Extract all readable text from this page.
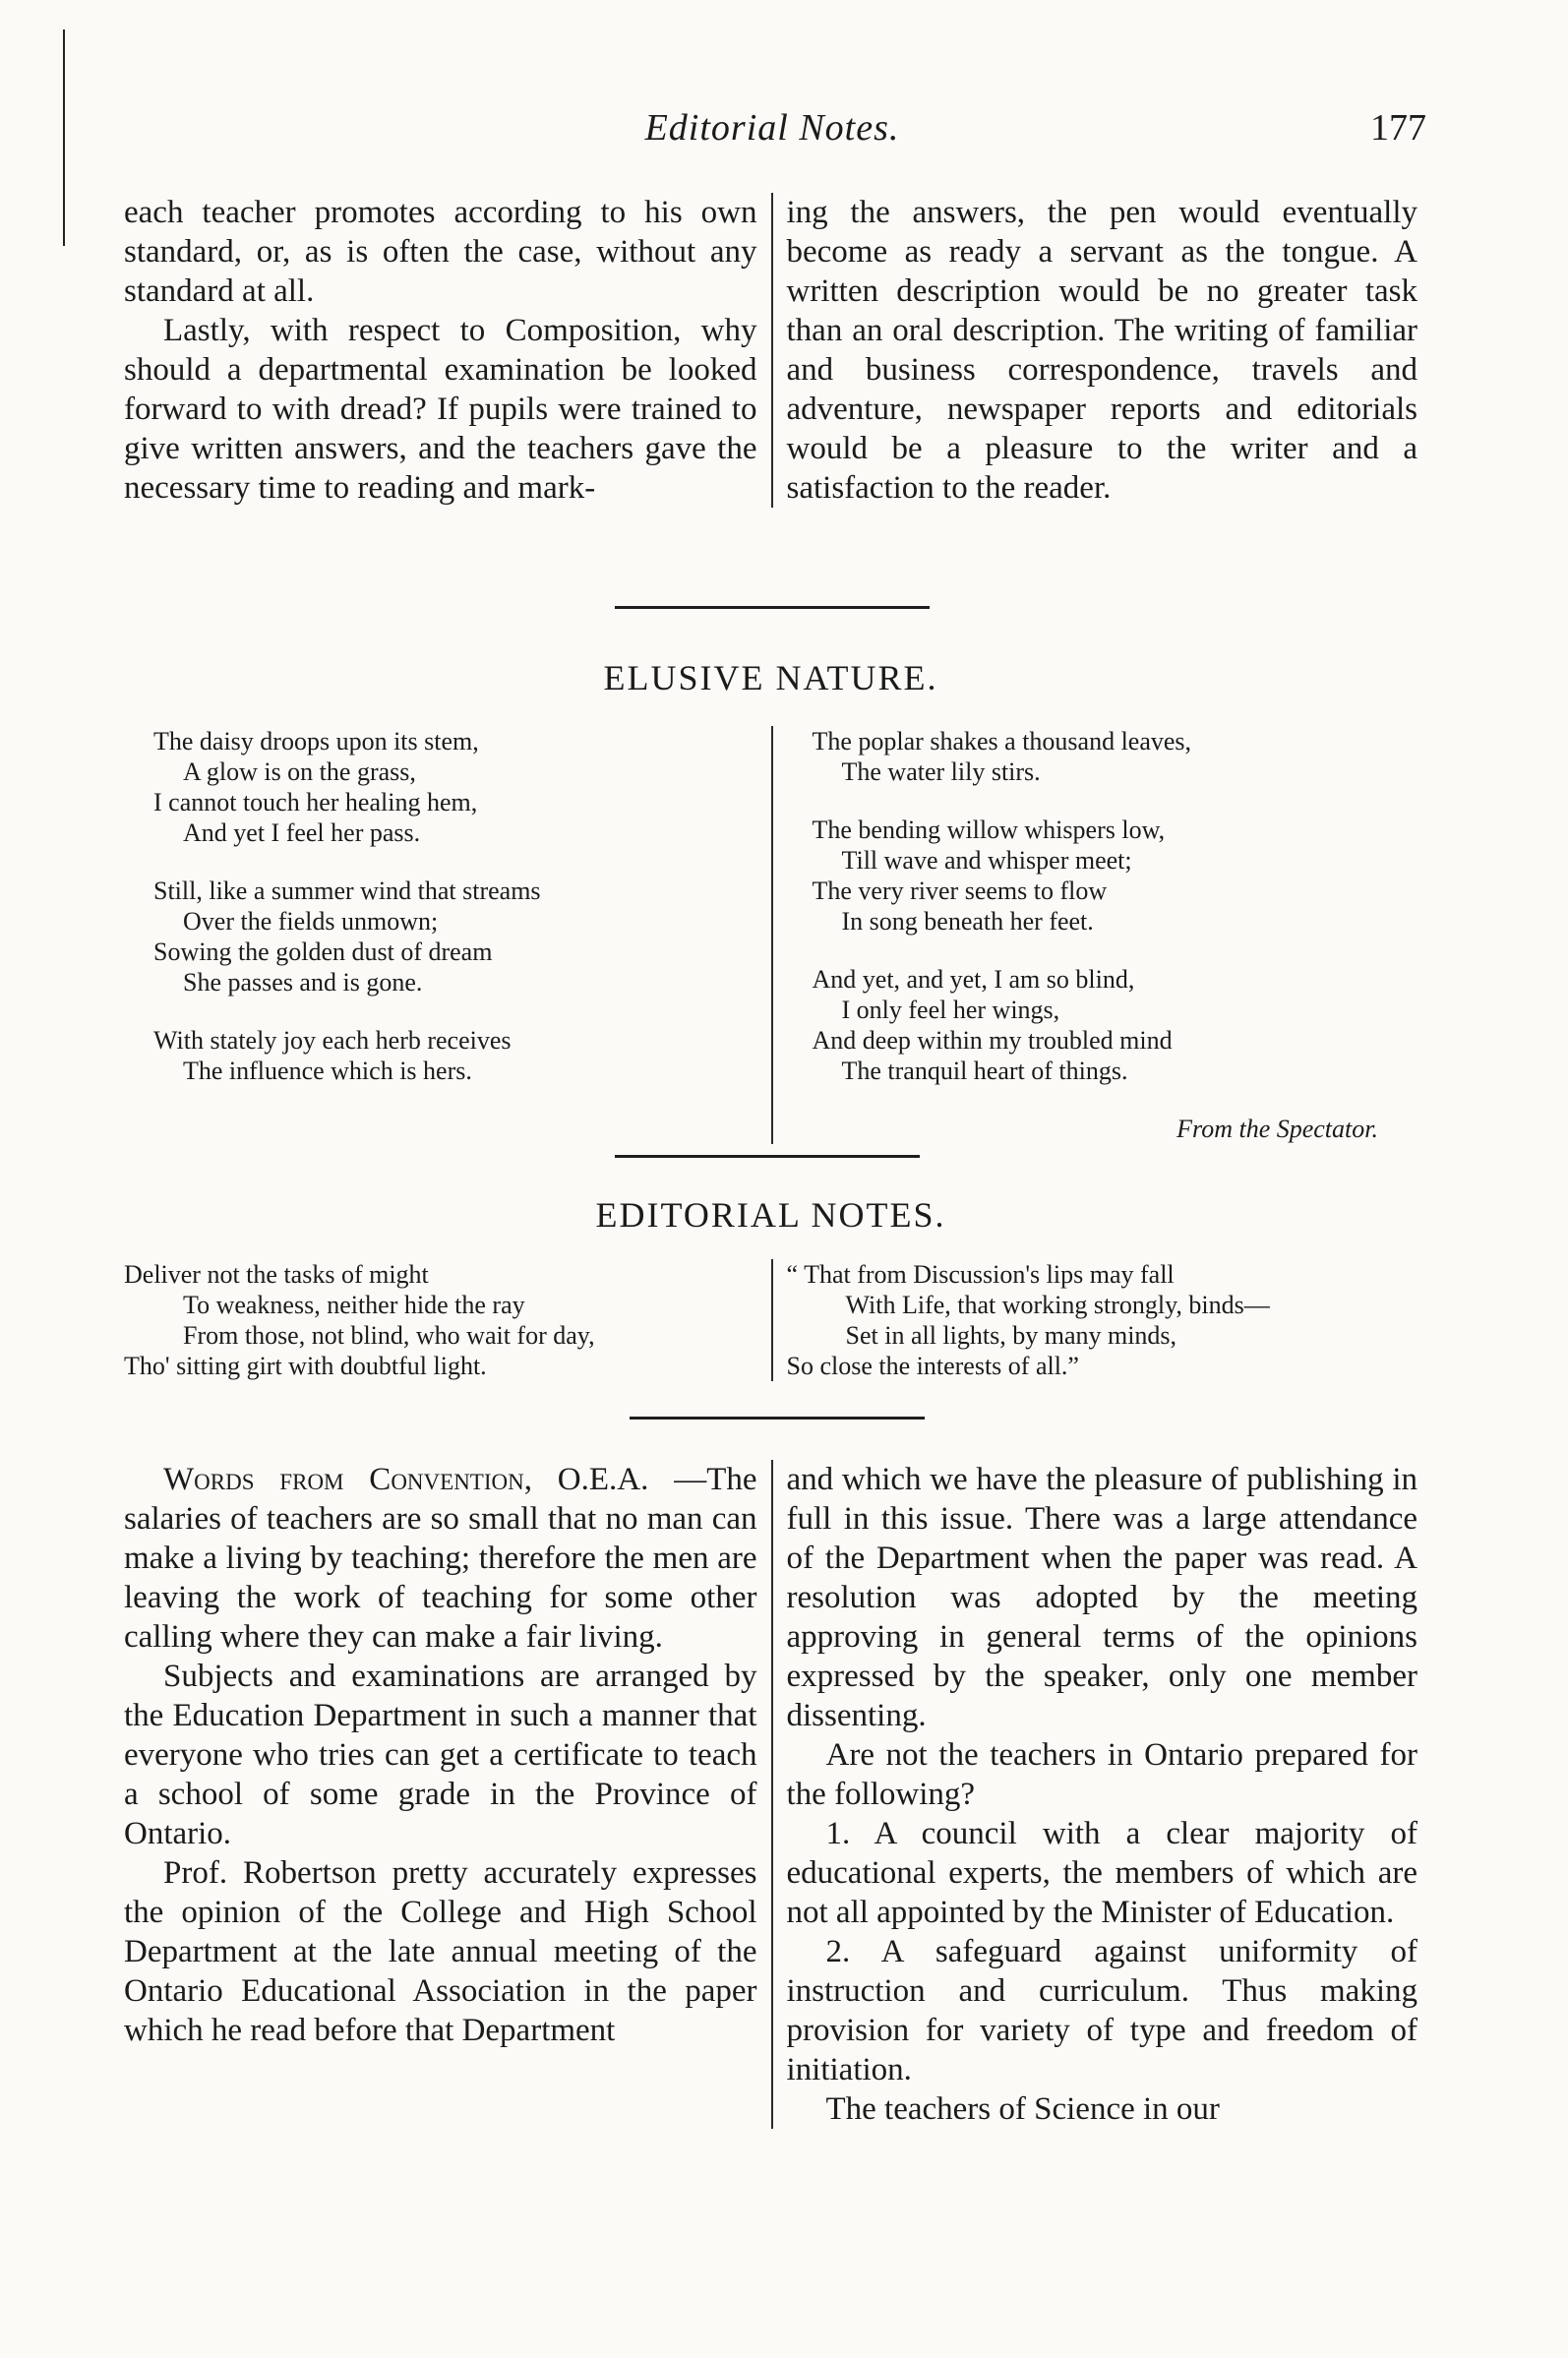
Editorial Notes.	177

each teacher promotes according to his own standard, or, as is often the case, without any standard at all.

Lastly, with respect to Composition, why should a departmental examination be looked forward to with dread? If pupils were trained to give written answers, and the teachers gave the necessary time to reading and mark-

ing the answers, the pen would eventually become as ready a servant as the tongue. A written description would be no greater task than an oral description. The writing of familiar and business correspondence, travels and adventure, newspaper reports and editorials would be a pleasure to the writer and a satisfaction to the reader.

ELUSIVE NATURE.
The daisy droops upon its stem,
A glow is on the grass,
I cannot touch her healing hem,
And yet I feel her pass.
Still, like a summer wind that streams
Over the fields unmown;
Sowing the golden dust of dream
She passes and is gone.
With stately joy each herb receives
The influence which is hers.
The poplar shakes a thousand leaves,
The water lily stirs.
The bending willow whispers low,
Till wave and whisper meet;
The very river seems to flow
In song beneath her feet.
And yet, and yet, I am so blind,
I only feel her wings,
And deep within my troubled mind
The tranquil heart of things.
From the Spectator.
EDITORIAL NOTES.
Deliver not the tasks of might
To weakness, neither hide the ray
From those, not blind, who wait for day,
Tho' sitting girt with doubtful light.
“ That from Discussion's lips may fall
With Life, that working strongly, binds—
Set in all lights, by many minds,
So close the interests of all.”

Words from Convention, O.E.A. —The salaries of teachers are so small that no man can make a living by teaching; therefore the men are leaving the work of teaching for some other calling where they can make a fair living.

Subjects and examinations are arranged by the Education Department in such a manner that everyone who tries can get a certificate to teach a school of some grade in the Province of Ontario.

Prof. Robertson pretty accurately expresses the opinion of the College and High School Department at the late annual meeting of the Ontario Educational Association in the paper which he read before that Department

and which we have the pleasure of publishing in full in this issue. There was a large attendance of the Department when the paper was read. A resolution was adopted by the meeting approving in general terms of the opinions expressed by the speaker, only one member dissenting.

Are not the teachers in Ontario prepared for the following?

1. A council with a clear majority of educational experts, the members of which are not all appointed by the Minister of Education.

2. A safeguard against uniformity of instruction and curriculum. Thus making provision for variety of type and freedom of initiation.

The teachers of Science in our
